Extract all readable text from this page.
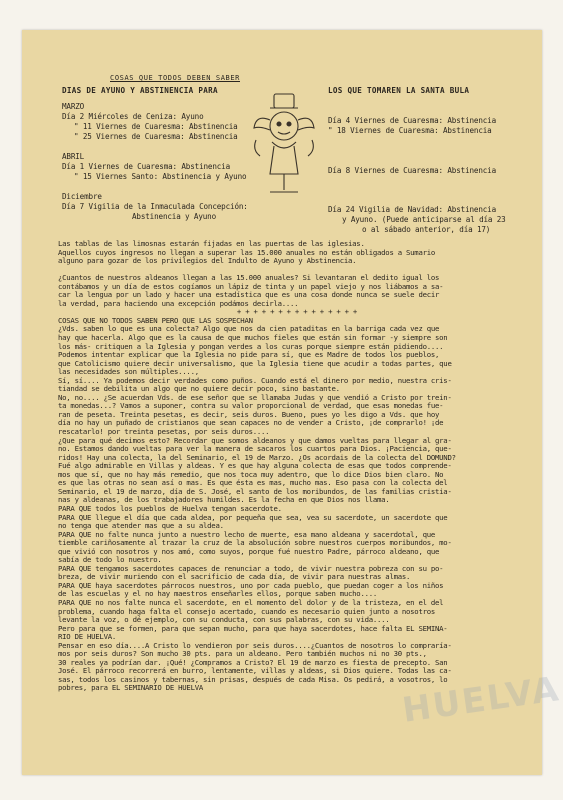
COSAS QUE TODOS DEBEN SABER
DIAS DE AYUNO Y ABSTINENCIA PARA	LOS QUE TOMAREN LA SANTA BULA
MARZO
Día 2 Miércoles de Ceniza: Ayuno
" 11 Viernes de Cuaresma: Abstinencia
" 25 Viernes de Cuaresma: Abstinencia
ABRIL
Día 1 Viernes de Cuaresma: Abstinencia
" 15 Viernes Santo: Abstinencia y Ayuno
Diciembre
Día 7 Vigilia de la Inmaculada Concepción:
Abstinencia y Ayuno
Día 4 Viernes de Cuaresma: Abstinencia
" 18 Viernes de Cuaresma: Abstinencia
Día 8 Viernes de Cuaresma: Abstinencia
Día 24 Vigilia de Navidad: Abstinencia
y Ayuno. (Puede anticiparse al día 23
o al sábado anterior, día 17)
HUELVA
Las tablas de las limosnas estarán fijadas en las puertas de las iglesias.
Aquellos cuyos ingresos no llegan a superar las 15.000 anuales no están obligados a Sumario
alguno para gozar de los privilegios del Indulto de Ayuno y Abstinencia.
¿Cuantos de nuestros aldeanos llegan a las 15.000 anuales? Si levantaran el dedito igual los
contábamos y un día de estos cogíamos un lápiz de tinta y un papel viejo y nos liábamos a sa-
car la lengua por un lado y hacer una estadística que es una cosa donde nunca se suele decir
la verdad, para haciendo una excepción podámos decirla....
+ + + + + + + + + + + + + + +
COSAS QUE NO TODOS SABEN PERO QUE LAS SOSPECHAN
¿Vds. saben lo que es una colecta? Algo que nos da cien pataditas en la barriga cada vez que
hay que hacerla. Algo que es la causa de que muchos fieles que están sin formar -y siempre son
los más- critiquen a la Iglesia y pongan verdes a los curas porque siempre están pidiendo....
Podemos intentar explicar que la Iglesia no pide para sí, que es Madre de todos los pueblos,
que Catolicismo quiere decir universalismo, que la Iglesia tiene que acudir a todas partes, que
las necesidades son múltiples....,
Sí, sí.... Ya podemos decir verdades como puños. Cuando está el dinero por medio, nuestra cris-
tiandad se debilita un algo que no quiere decir poco, sino bastante.
No, no.... ¿Se acuerdan Vds. de ese señor que se llamaba Judas y que vendió a Cristo por trein-
ta monedas...? Vamos a suponer, contra su valor proporcional de verdad, que esas monedas fue-
ran de peseta. Treinta pesetas, es decir, seis duros. Bueno, pues yo les digo a Vds. que hoy
día no hay un puñado de cristianos que sean capaces no de vender a Cristo, ¡de comprarlo! ¡de
rescatarlo! por treinta pesetas, por seis duros....
¿Que para qué decimos esto? Recordar que somos aldeanos y que damos vueltas para llegar al gra-
no. Estamos dando vueltas para ver la manera de sacaros los cuartos para Dios. ¡Paciencia, que-
ridos! Hay una colecta, la del Seminario, el 19 de Marzo. ¿Os acordais de la colecta del DOMUND?
Fué algo admirable en Villas y aldeas. Y es que hay alguna colecta de esas que todos comprende-
mos que sí, que no hay más remedio, que nos toca muy adentro, que lo dice Dios bien claro. No
es que las otras no sean así o mas. Es que ésta es mas, mucho mas. Eso pasa con la colecta del
Seminario, el 19 de marzo, día de S. José, el santo de los moribundos, de las familias cristia-
nas y aldeanas, de los trabajadores humildes. Es la fecha en que Dios nos llama.
PARA QUE todos los pueblos de Huelva tengan sacerdote.
PARA QUE llegue el día que cada aldea, por pequeña que sea, vea su sacerdote, un sacerdote que
no tenga que atender mas que a su aldea.
PARA QUE no falte nunca junto a nuestro lecho de muerte, esa mano aldeana y sacerdotal, que
tiemble cariñosamente al trazar la cruz de la absolución sobre nuestros cuerpos moribundos, mo-
que vivió con nosotros y nos amó, como suyos, porque fué nuestro Padre, párroco aldeano, que
sabía de todo lo nuestro.
PARA QUE tengamos sacerdotes capaces de renunciar a todo, de vivir nuestra pobreza con su po-
breza, de vivir muriendo con el sacrificio de cada día, de vivir para nuestras almas.
PARA QUE haya sacerdotes párrocos nuestros, uno por cada pueblo, que puedan coger a los niños
de las escuelas y el no hay maestros enseñarles ellos, porque saben mucho....
PARA QUE no nos falte nunca el sacerdote, en el momento del dolor y de la tristeza, en el del
problema, cuando haga falta el consejo acertado, cuando es necesario quien junto a nosotros
levante la voz, o dé ejemplo, con su conducta, con sus palabras, con su vida....
Pero para que se formen, para que sepan mucho, para que haya sacerdotes, hace falta EL SEMINA-
RIO DE HUELVA.
Pensar en eso día....A Cristo lo vendieron por seis duros....¿Cuantos de nosotros lo compraría-
mos por seis duros? Son mucho 30 pts. para un aldeano. Pero también muchos ni no 30 pts.,
30 reales ya podrían dar. ¡Qué! ¿Compramos a Cristo? El 19 de marzo es fiesta de precepto. San
José. El párroco recorrerá en burro, lentamente, villas y aldeas, si Dios quiere. Todas las ca-
sas, todos los casinos y tabernas, sin prisas, después de cada Misa. Os pedirá, a vosotros, lo
pobres, para EL SEMINARIO DE HUELVA
